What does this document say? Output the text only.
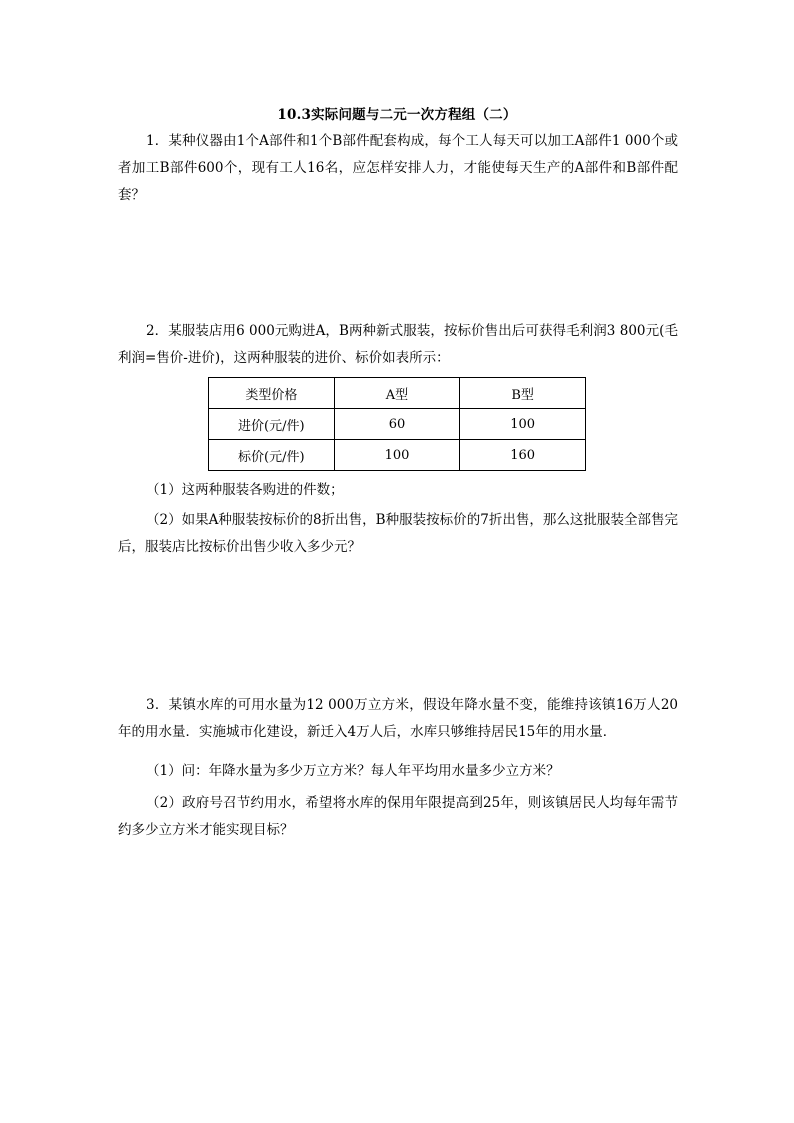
10.3实际问题与二元一次方程组（二）
1．某种仪器由1个A部件和1个B部件配套构成，每个工人每天可以加工A部件1 000个或者加工B部件600个，现有工人16名，应怎样安排人力，才能使每天生产的A部件和B部件配套？
2．某服装店用6 000元购进A，B两种新式服装，按标价售出后可获得毛利润3 800元(毛利润=售价-进价)，这两种服装的进价、标价如表所示：
类型价格	A型	B型
进价(元/件)	60	100
标价(元/件)	100	160
（1）这两种服装各购进的件数；
（2）如果A种服装按标价的8折出售，B种服装按标价的7折出售，那么这批服装全部售完后，服装店比按标价出售少收入多少元？
3．某镇水库的可用水量为12 000万立方米，假设年降水量不变，能维持该镇16万人20年的用水量．实施城市化建设，新迁入4万人后，水库只够维持居民15年的用水量．
（1）问：年降水量为多少万立方米？每人年平均用水量多少立方米？
（2）政府号召节约用水，希望将水库的保用年限提高到25年，则该镇居民人均每年需节约多少立方米才能实现目标？
